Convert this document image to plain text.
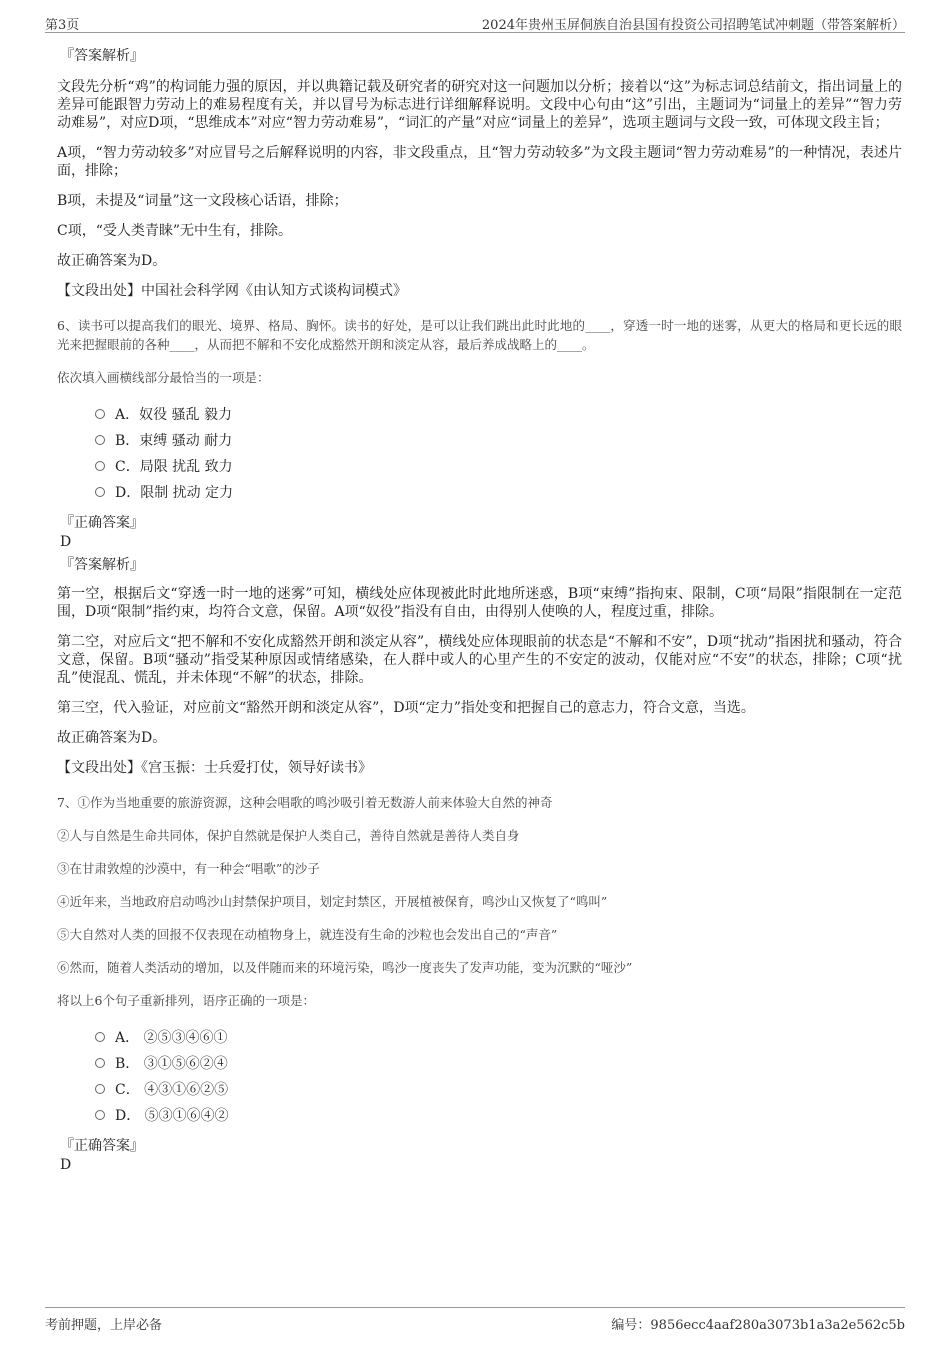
第3页	2024年贵州玉屏侗族自治县国有投资公司招聘笔试冲刺题（带答案解析）
『答案解析』

文段先分析“鸡”的构词能力强的原因，并以典籍记载及研究者的研究对这一问题加以分析；接着以“这”为标志词总结前文，指出词量上的差异可能跟智力劳动上的难易程度有关，并以冒号为标志进行详细解释说明。文段中心句由“这”引出，主题词为“词量上的差异”“智力劳动难易”，对应D项，“思维成本”对应“智力劳动难易”，“词汇的产量”对应“词量上的差异”，选项主题词与文段一致，可体现文段主旨；

A项，“智力劳动较多”对应冒号之后解释说明的内容，非文段重点，且“智力劳动较多”为文段主题词“智力劳动难易”的一种情况，表述片面，排除；

B项，未提及“词量”这一文段核心话语，排除；

C项，“受人类青睐”无中生有，排除。

故正确答案为D。

【文段出处】中国社会科学网《由认知方式谈构词模式》

6、读书可以提高我们的眼光、境界、格局、胸怀。读书的好处，是可以让我们跳出此时此地的____，穿透一时一地的迷雾，从更大的格局和更长远的眼光来把握眼前的各种____，从而把不解和不安化成豁然开朗和淡定从容，最后养成战略上的____。

依次填入画横线部分最恰当的一项是：

A．奴役 骚乱 毅力
B．束缚 骚动 耐力
C．局限 扰乱 致力
D．限制 扰动 定力
『正确答案』
D
『答案解析』

第一空，根据后文“穿透一时一地的迷雾”可知，横线处应体现被此时此地所迷惑，B项“束缚”指拘束、限制，C项“局限”指限制在一定范围，D项“限制”指约束，均符合文意，保留。A项“奴役”指没有自由，由得别人使唤的人，程度过重，排除。

第二空，对应后文“把不解和不安化成豁然开朗和淡定从容”，横线处应体现眼前的状态是“不解和不安”，D项“扰动”指困扰和骚动，符合文意，保留。B项“骚动”指受某种原因或情绪感染，在人群中或人的心里产生的不安定的波动，仅能对应“不安”的状态，排除；C项“扰乱”使混乱、慌乱，并未体现“不解”的状态，排除。

第三空，代入验证，对应前文“豁然开朗和淡定从容”，D项“定力”指处变和把握自己的意志力，符合文意，当选。

故正确答案为D。

【文段出处】《宫玉振：士兵爱打仗，领导好读书》

7、①作为当地重要的旅游资源，这种会唱歌的鸣沙吸引着无数游人前来体验大自然的神奇

②人与自然是生命共同体，保护自然就是保护人类自己，善待自然就是善待人类自身

③在甘肃敦煌的沙漠中，有一种会“唱歌”的沙子

④近年来，当地政府启动鸣沙山封禁保护项目，划定封禁区，开展植被保育，鸣沙山又恢复了“鸣叫”

⑤大自然对人类的回报不仅表现在动植物身上，就连没有生命的沙粒也会发出自己的“声音”

⑥然而，随着人类活动的增加，以及伴随而来的环境污染，鸣沙一度丧失了发声功能，变为沉默的“哑沙”

将以上6个句子重新排列，语序正确的一项是：

A． ②⑤③④⑥①
B． ③①⑤⑥②④
C． ④③①⑥②⑤
D． ⑤③①⑥④②
『正确答案』
D
考前押题，上岸必备	编号：9856ecc4aaf280a3073b1a3a2e562c5b
